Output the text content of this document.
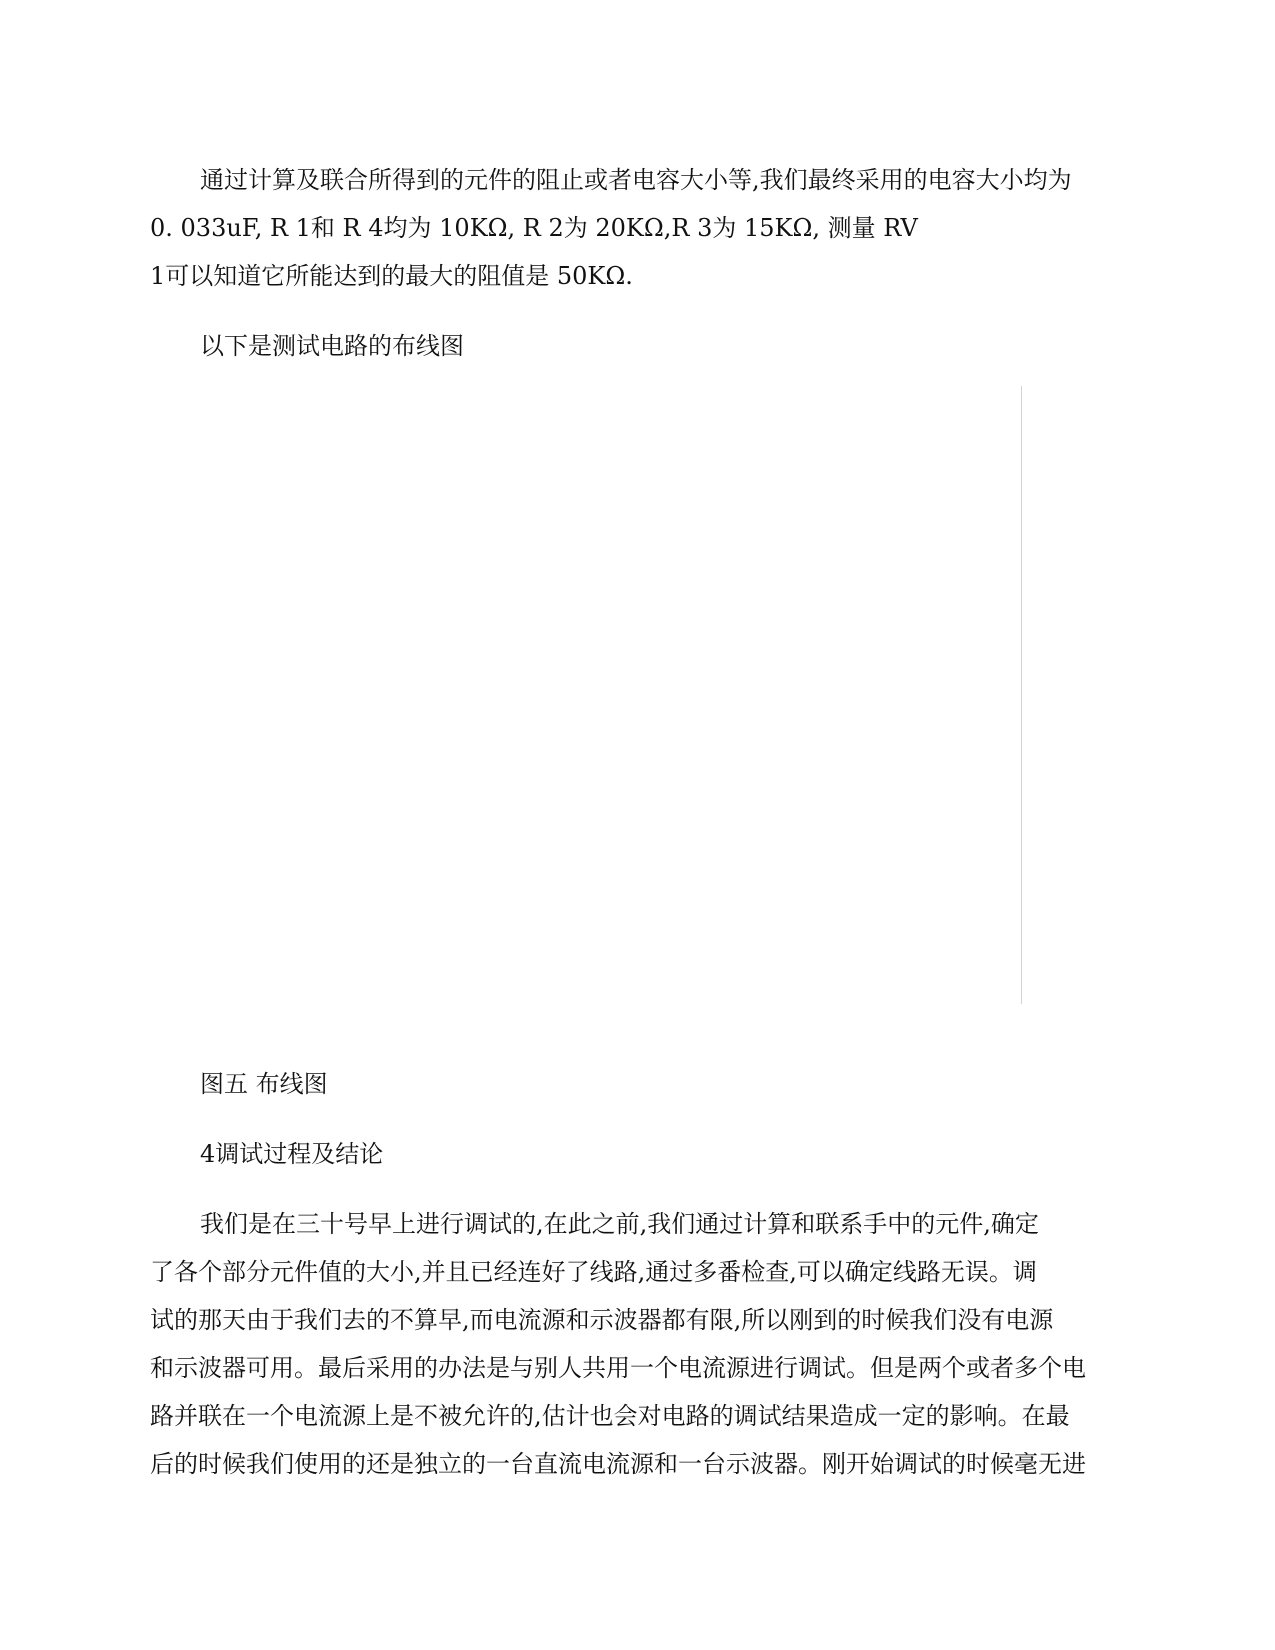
通过计算及联合所得到的元件的阻止或者电容大小等,我们最终采用的电容大小均为
0. 033uF, R 1和 R 4均为 10KΩ, R 2为 20KΩ,R 3为 15KΩ, 测量 RV
1可以知道它所能达到的最大的阻值是 50KΩ.
以下是测试电路的布线图
图五 布线图
4调试过程及结论
我们是在三十号早上进行调试的,在此之前,我们通过计算和联系手中的元件,确定
了各个部分元件值的大小,并且已经连好了线路,通过多番检查,可以确定线路无误。调
试的那天由于我们去的不算早,而电流源和示波器都有限,所以刚到的时候我们没有电源
和示波器可用。最后采用的办法是与别人共用一个电流源进行调试。但是两个或者多个电
路并联在一个电流源上是不被允许的,估计也会对电路的调试结果造成一定的影响。在最
后的时候我们使用的还是独立的一台直流电流源和一台示波器。刚开始调试的时候毫无进
